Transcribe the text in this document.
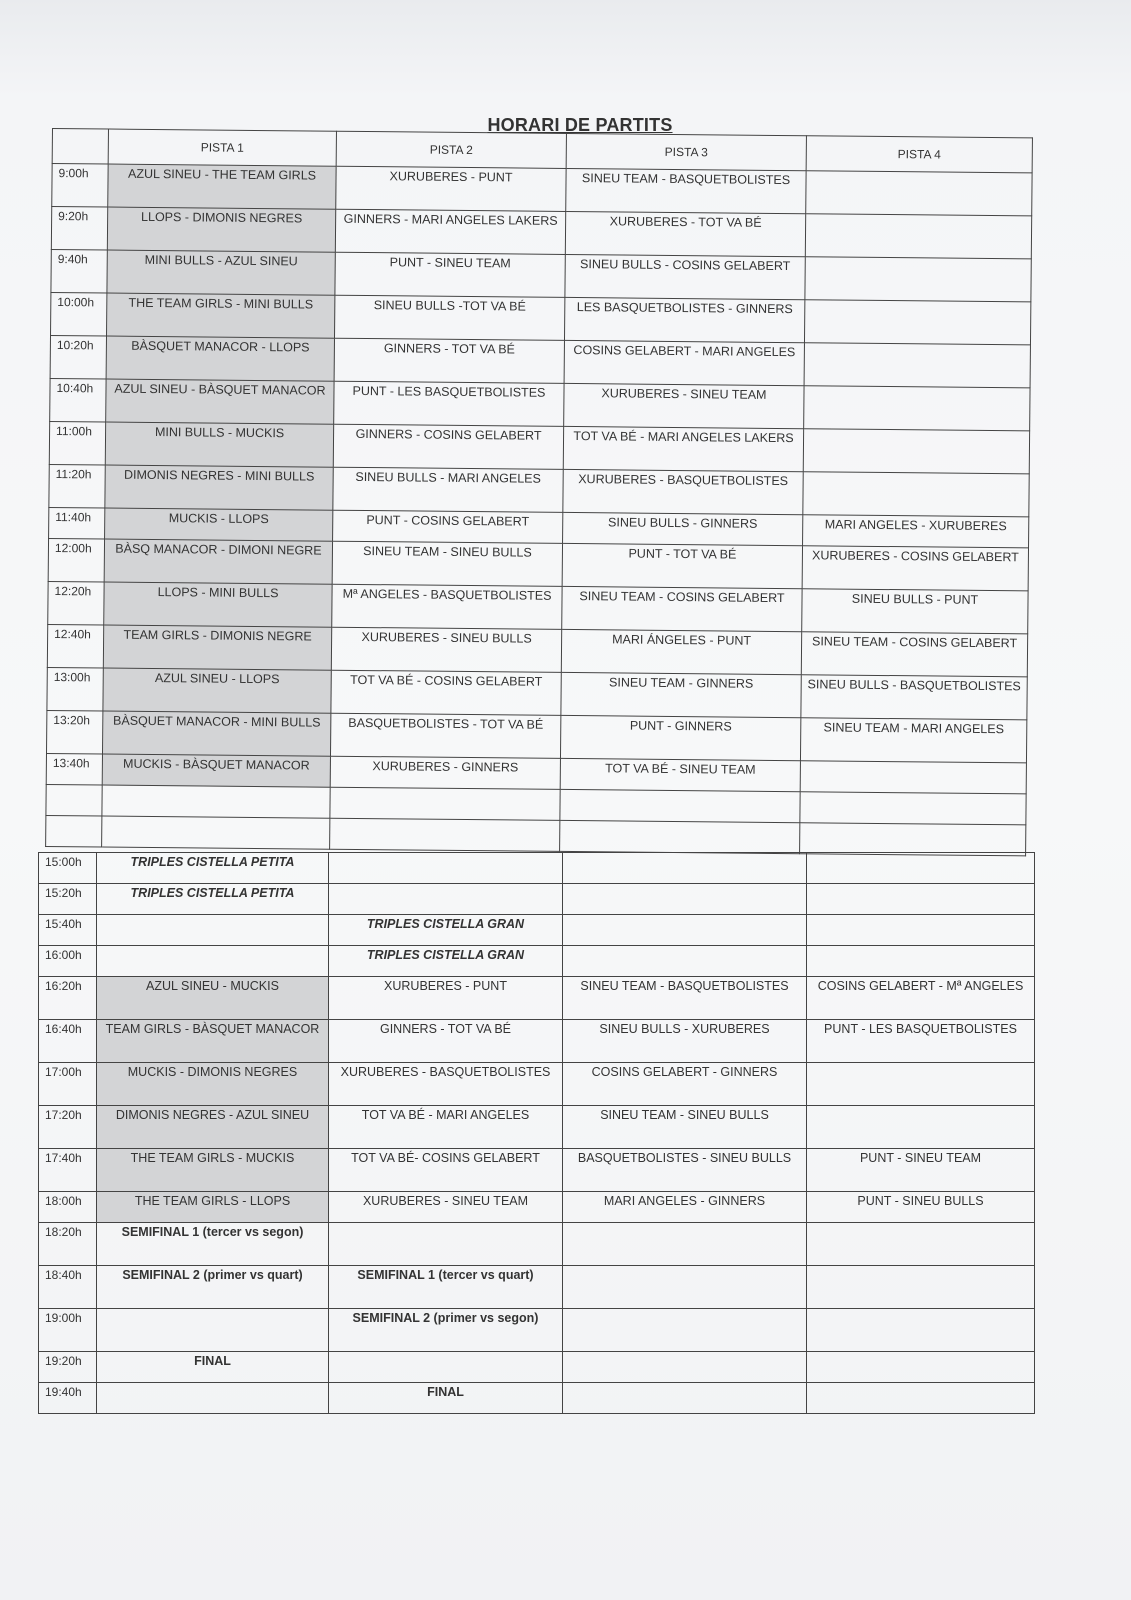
HORARI DE PARTITS
	PISTA 1	PISTA 2	PISTA 3	PISTA 4
9:00h	AZUL SINEU - THE TEAM GIRLS	XURUBERES - PUNT	SINEU TEAM - BASQUETBOLISTES	
9:20h	LLOPS - DIMONIS NEGRES	GINNERS - MARI ANGELES LAKERS	XURUBERES - TOT VA BÉ	
9:40h	MINI BULLS - AZUL SINEU	PUNT - SINEU TEAM	SINEU BULLS - COSINS GELABERT	
10:00h	THE TEAM GIRLS - MINI BULLS	SINEU BULLS -TOT VA BÉ	LES BASQUETBOLISTES - GINNERS	
10:20h	BÀSQUET MANACOR - LLOPS	GINNERS - TOT VA BÉ	COSINS GELABERT - MARI ANGELES	
10:40h	AZUL SINEU - BÀSQUET MANACOR	PUNT - LES BASQUETBOLISTES	XURUBERES - SINEU TEAM	
11:00h	MINI BULLS - MUCKIS	GINNERS - COSINS GELABERT	TOT VA BÉ - MARI ANGELES LAKERS	
11:20h	DIMONIS NEGRES - MINI BULLS	SINEU BULLS - MARI ANGELES	XURUBERES - BASQUETBOLISTES	
11:40h	MUCKIS - LLOPS	PUNT - COSINS GELABERT	SINEU BULLS - GINNERS	MARI ANGELES - XURUBERES
12:00h	BÀSQ MANACOR - DIMONI NEGRE	SINEU TEAM - SINEU BULLS	PUNT - TOT VA BÉ	XURUBERES - COSINS GELABERT
12:20h	LLOPS - MINI BULLS	Mª ANGELES - BASQUETBOLISTES	SINEU TEAM - COSINS GELABERT	SINEU BULLS - PUNT
12:40h	TEAM GIRLS - DIMONIS NEGRE	XURUBERES - SINEU BULLS	MARI ÁNGELES - PUNT	SINEU TEAM - COSINS GELABERT
13:00h	AZUL SINEU - LLOPS	TOT VA BÉ - COSINS GELABERT	SINEU TEAM - GINNERS	SINEU BULLS - BASQUETBOLISTES
13:20h	BÀSQUET MANACOR - MINI BULLS	BASQUETBOLISTES - TOT VA BÉ	PUNT - GINNERS	SINEU TEAM - MARI ANGELES
13:40h	MUCKIS - BÀSQUET MANACOR	XURUBERES - GINNERS	TOT VA BÉ - SINEU TEAM	

15:00h	TRIPLES CISTELLA PETITA			
15:20h	TRIPLES CISTELLA PETITA			
15:40h		TRIPLES CISTELLA GRAN		
16:00h		TRIPLES CISTELLA GRAN		
16:20h	AZUL SINEU - MUCKIS	XURUBERES - PUNT	SINEU TEAM - BASQUETBOLISTES	COSINS GELABERT - Mª ANGELES
16:40h	TEAM GIRLS - BÀSQUET MANACOR	GINNERS - TOT VA BÉ	SINEU BULLS - XURUBERES	PUNT - LES BASQUETBOLISTES
17:00h	MUCKIS - DIMONIS NEGRES	XURUBERES - BASQUETBOLISTES	COSINS GELABERT - GINNERS	
17:20h	DIMONIS NEGRES - AZUL SINEU	TOT VA BÉ - MARI ANGELES	SINEU TEAM - SINEU BULLS	
17:40h	THE TEAM GIRLS - MUCKIS	TOT VA BÉ- COSINS GELABERT	BASQUETBOLISTES - SINEU BULLS	PUNT - SINEU TEAM
18:00h	THE TEAM GIRLS - LLOPS	XURUBERES - SINEU TEAM	MARI ANGELES - GINNERS	PUNT - SINEU BULLS
18:20h	SEMIFINAL 1 (tercer vs segon)			
18:40h	SEMIFINAL 2 (primer vs quart)	SEMIFINAL 1 (tercer vs quart)		
19:00h		SEMIFINAL 2 (primer vs segon)		
19:20h	FINAL			
19:40h		FINAL		
